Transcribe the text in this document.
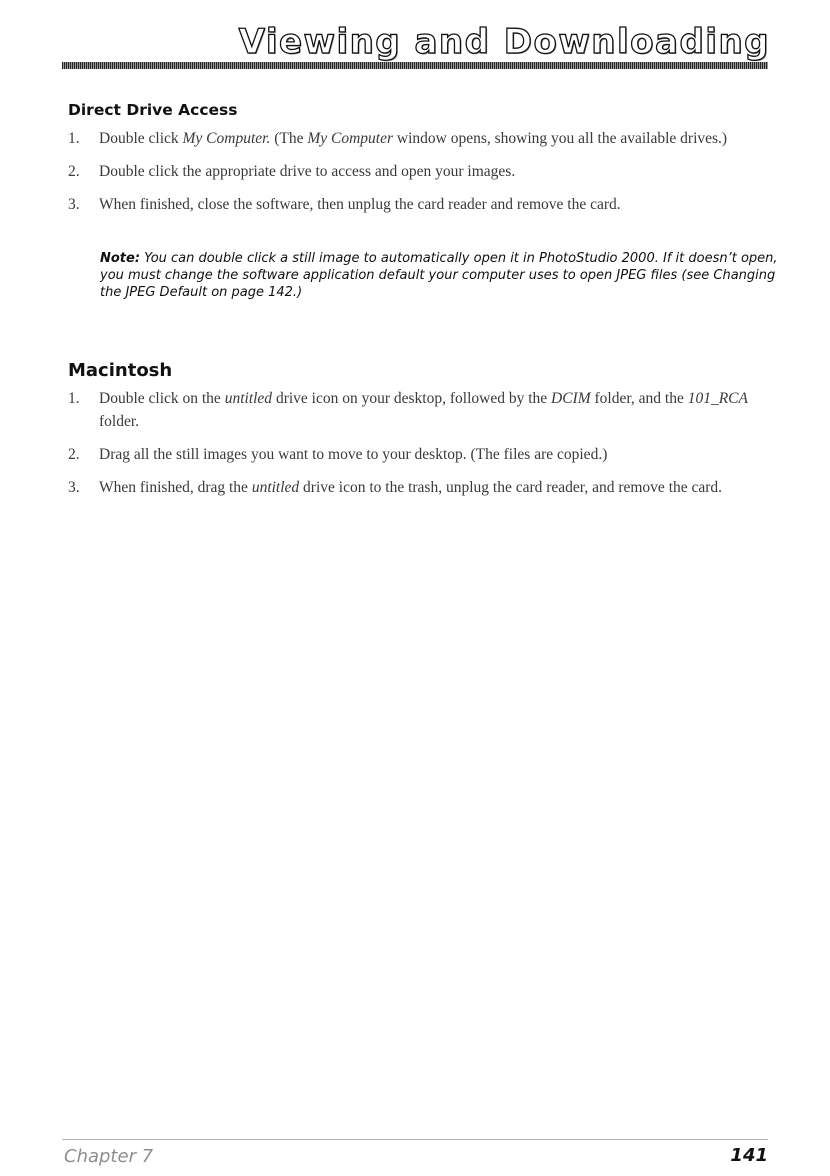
Viewing and Downloading
Direct Drive Access
1. Double click My Computer. (The My Computer window opens, showing you all the available drives.)
2. Double click the appropriate drive to access and open your images.
3. When finished, close the software, then unplug the card reader and remove the card.

Note: You can double click a still image to automatically open it in PhotoStudio 2000. If it doesn’t open, you must change the software application default your computer uses to open JPEG files (see Changing the JPEG Default on page 142.)

Macintosh
1. Double click on the untitled drive icon on your desktop, followed by the DCIM folder, and the 101_RCA folder.
2. Drag all the still images you want to move to your desktop. (The files are copied.)
3. When finished, drag the untitled drive icon to the trash, unplug the card reader, and remove the card.
Chapter 7	141
